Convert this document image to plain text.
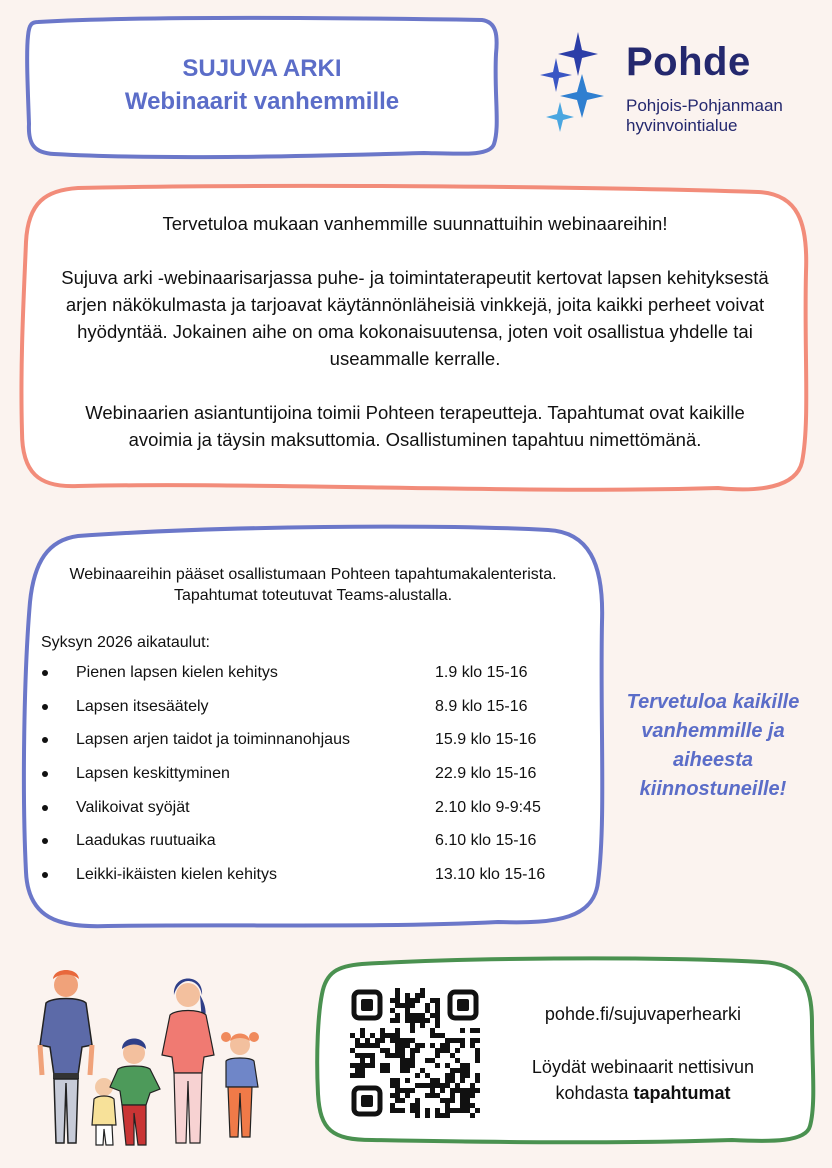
SUJUVA ARKI
Webinaarit vanhemmille
Pohde
Pohjois-Pohjanmaan
hyvinvointialue

Tervetuloa mukaan vanhemmille suunnattuihin webinaareihin!

Sujuva arki -webinaarisarjassa puhe- ja toimintaterapeutit kertovat lapsen kehityksestä arjen näkökulmasta ja tarjoavat käytännönläheisiä vinkkejä, joita kaikki perheet voivat hyödyntää. Jokainen aihe on oma kokonaisuutensa, joten voit osallistua yhdelle tai useammalle kerralle.

Webinaarien asiantuntijoina toimii Pohteen terapeutteja. Tapahtumat ovat kaikille avoimia ja täysin maksuttomia. Osallistuminen tapahtuu nimettömänä.

Webinaareihin pääset osallistumaan Pohteen tapahtumakalenterista. Tapahtumat toteutuvat Teams-alustalla.
Syksyn 2026 aikataulut:
Pienen lapsen kielen kehitys	1.9 klo 15-16
Lapsen itsesäätely	8.9 klo 15-16
Lapsen arjen taidot ja toiminnanohjaus	15.9 klo 15-16
Lapsen keskittyminen	22.9 klo 15-16
Valikoivat syöjät	2.10 klo 9-9:45
Laadukas ruutuaika	6.10 klo 15-16
Leikki-ikäisten kielen kehitys	13.10 klo 15-16
Tervetuloa kaikille vanhemmille ja aiheesta kiinnostuneille!
pohde.fi/sujuvaperhearki
Löydät webinaarit nettisivun kohdasta tapahtumat
